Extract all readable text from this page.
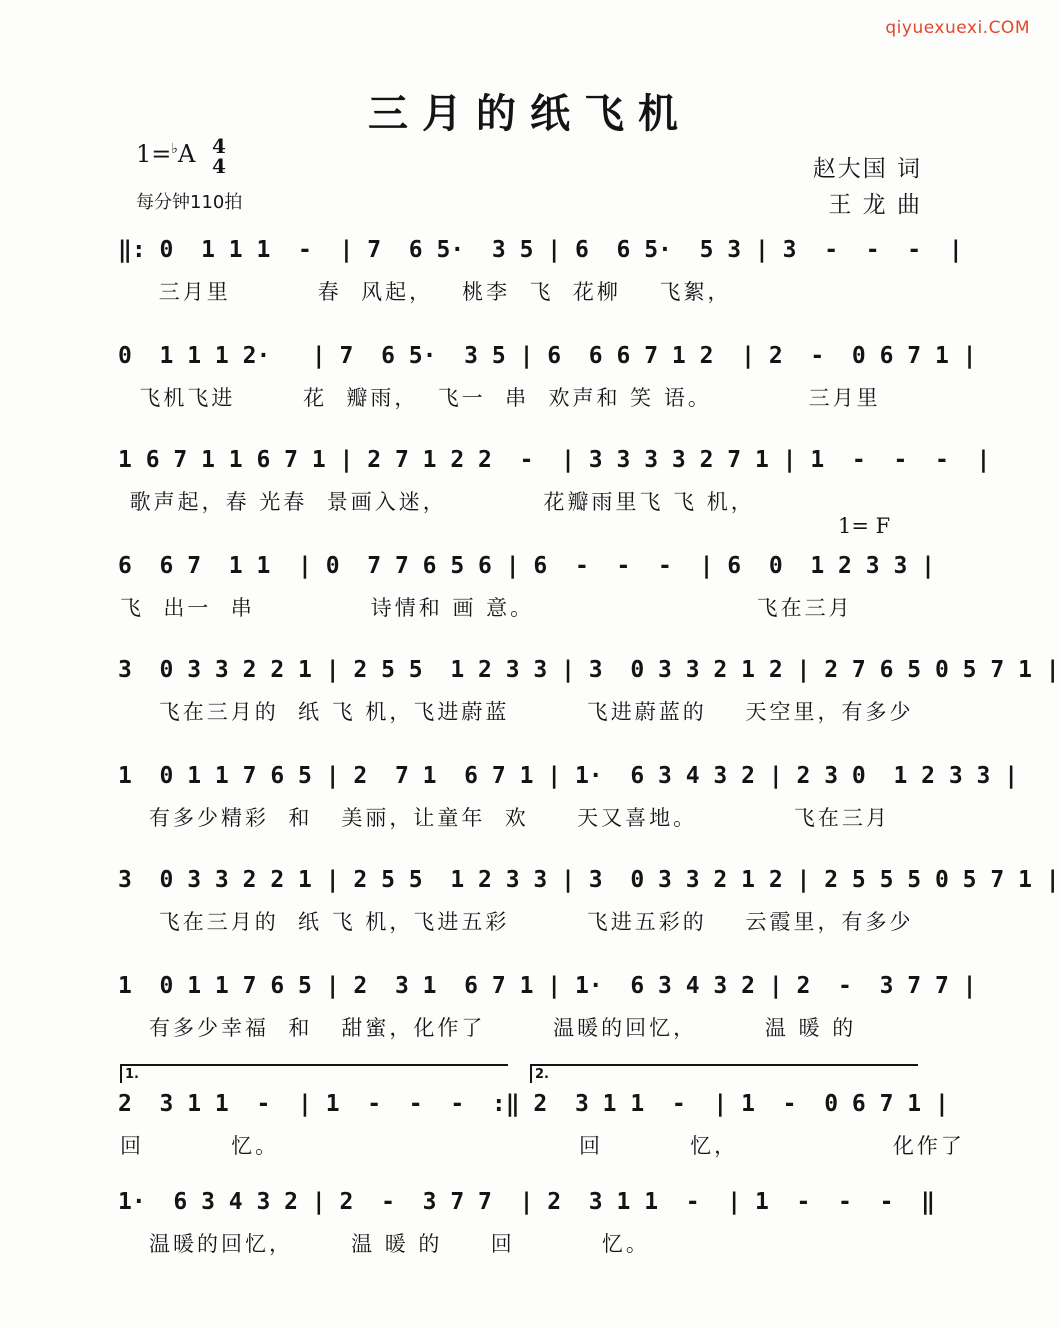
qiyuexuexi.COM
三月的纸飞机
1=♭A 4
4
每分钟110拍
赵大国 词
王 龙 曲
1= F
‖: 0  1 1 1  -  | 7  6 5·  3 5 | 6  6 5·  5 3 | 3  -  -  -  |
三月里         春  风起，   桃李  飞  花柳    飞絮，
0  1 1 1 2·   | 7  6 5·  3 5 | 6  6 6 7 1 2  | 2  -  0 6 7 1 |
飞机飞进       花  瓣雨，  飞一  串  欢声和 笑 语。          三月里
1 6 7 1 1 6 7 1 | 2 7 1 2 2  -  | 3 3 3 3 2 7 1 | 1  -  -  -  |
歌声起，春 光春  景画入迷，          花瓣雨里飞 飞 机，
6  6 7  1 1  | 0  7 7 6 5 6 | 6  -  -  -  | 6  0  1 2 3 3 |
飞  出一  串            诗情和 画 意。                       飞在三月
3  0 3 3 2 2 1 | 2 5 5  1 2 3 3 | 3  0 3 3 2 1 2 | 2 7 6 5 0 5 7 1 |
飞在三月的  纸 飞 机，飞进蔚蓝        飞进蔚蓝的    天空里，有多少
1  0 1 1 7 6 5 | 2  7 1  6 7 1 | 1·  6 3 4 3 2 | 2 3 0  1 2 3 3 |
有多少精彩  和   美丽，让童年  欢     天又喜地。          飞在三月
3  0 3 3 2 2 1 | 2 5 5  1 2 3 3 | 3  0 3 3 2 1 2 | 2 5 5 5 0 5 7 1 |
飞在三月的  纸 飞 机，飞进五彩        飞进五彩的    云霞里，有多少
1  0 1 1 7 6 5 | 2  3 1  6 7 1 | 1·  6 3 4 3 2 | 2  -  3 7 7 |
有多少幸福  和   甜蜜，化作了       温暖的回忆，       温 暖 的
1.	2.
2  3 1 1  -  | 1  -  -  -  :‖ 2  3 1 1  -  | 1  -  0 6 7 1 |
回         忆。                               回         忆，                化作了
1·  6 3 4 3 2 | 2  -  3 7 7  | 2  3 1 1  -  | 1  -  -  -  ‖
温暖的回忆，      温 暖 的     回         忆。
